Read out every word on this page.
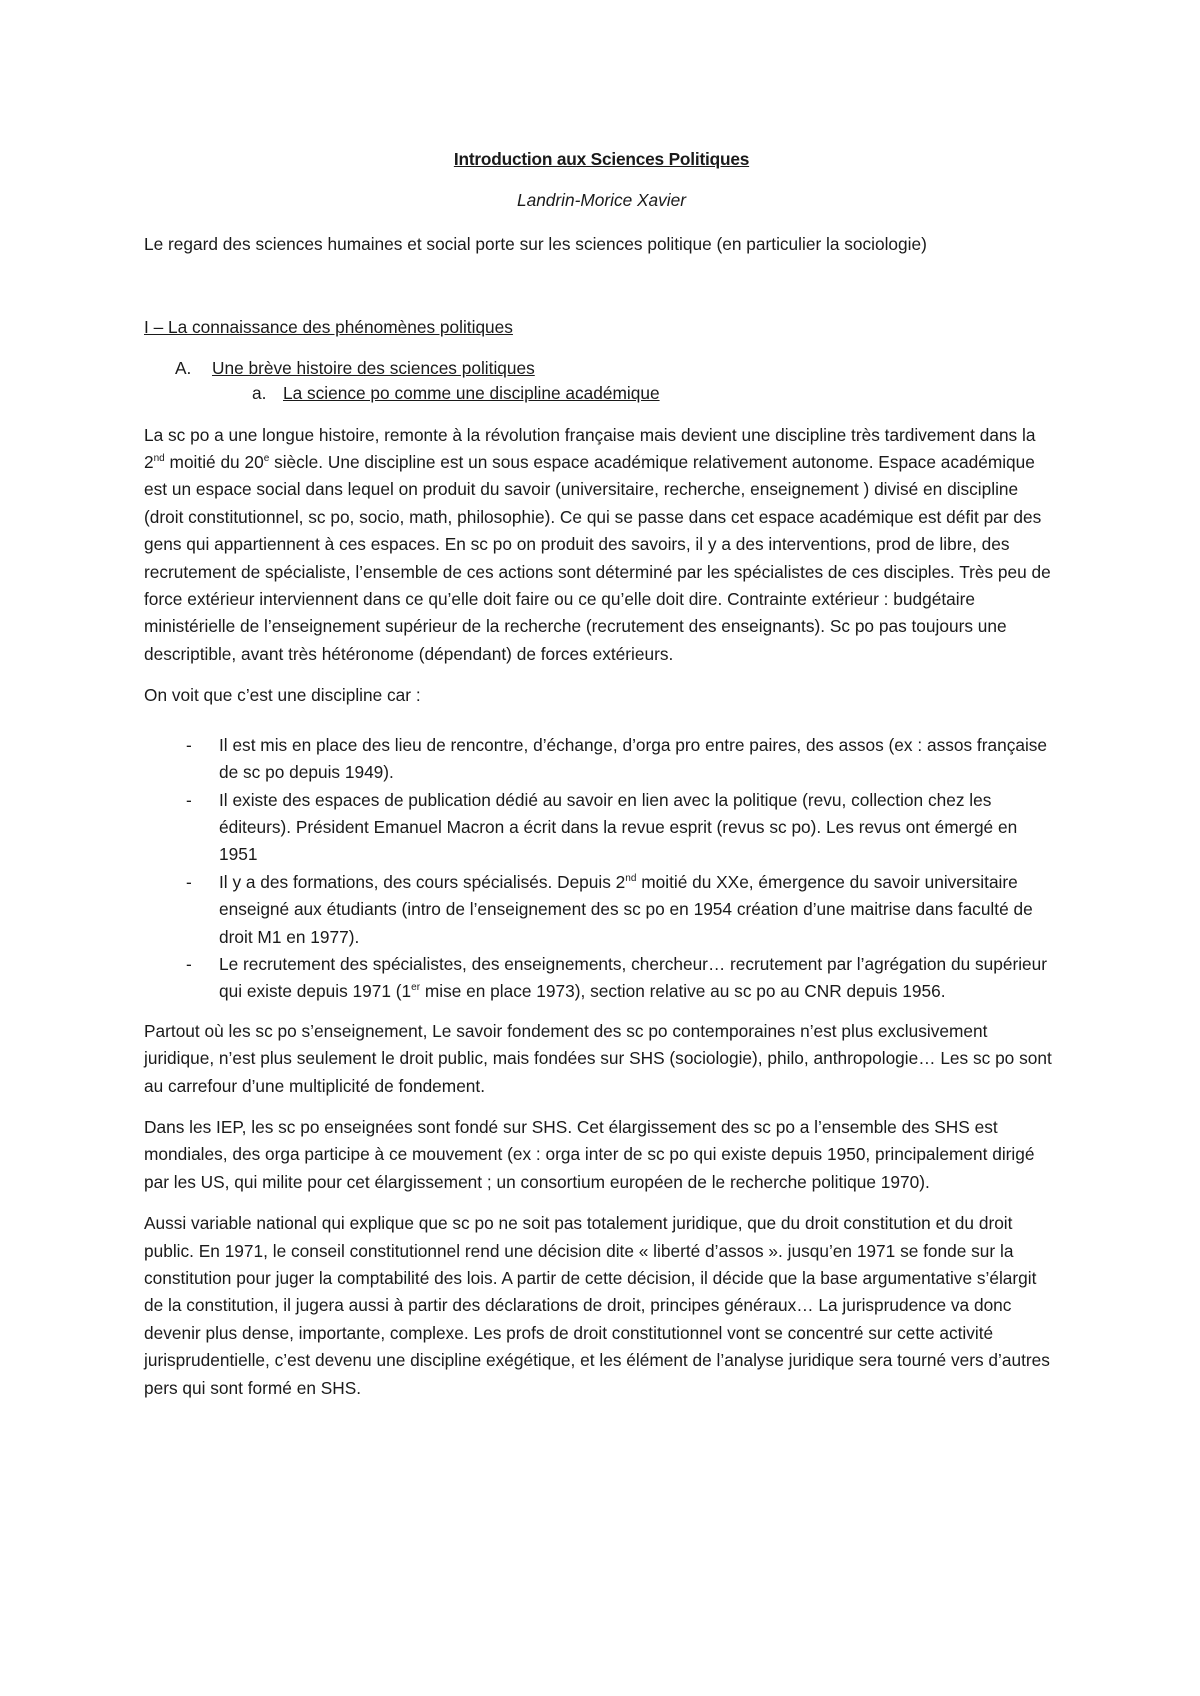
Introduction aux Sciences Politiques

Landrin-Morice Xavier

Le regard des sciences humaines et social porte sur les sciences politique (en particulier la sociologie)

I – La connaissance des phénomènes politiques

A. Une brève histoire des sciences politiques

a. La science po comme une discipline académique

La sc po a une longue histoire, remonte à la révolution française mais devient une discipline très tardivement dans la 2nd moitié du 20e siècle. Une discipline est un sous espace académique relativement autonome. Espace académique est un espace social dans lequel on produit du savoir (universitaire, recherche, enseignement ) divisé en discipline (droit constitutionnel, sc po, socio, math, philosophie). Ce qui se passe dans cet espace académique est défit par des gens qui appartiennent à ces espaces. En sc po on produit des savoirs, il y a des interventions, prod de libre, des recrutement de spécialiste, l’ensemble de ces actions sont déterminé par les spécialistes de ces disciples. Très peu de force extérieur interviennent dans ce qu’elle doit faire ou ce qu’elle doit dire. Contrainte extérieur : budgétaire ministérielle de l’enseignement supérieur de la recherche (recrutement des enseignants). Sc po pas toujours une descriptible, avant très hétéronome (dépendant) de forces extérieurs.

On voit que c’est une discipline car :

- Il est mis en place des lieu de rencontre, d’échange, d’orga pro entre paires, des assos (ex : assos française de sc po depuis 1949).
- Il existe des espaces de publication dédié au savoir en lien avec la politique (revu, collection chez les éditeurs). Président Emanuel Macron a écrit dans la revue esprit (revus sc po). Les revus ont émergé en 1951
- Il y a des formations, des cours spécialisés. Depuis 2nd moitié du XXe, émergence du savoir universitaire enseigné aux étudiants (intro de l’enseignement des sc po en 1954 création d’une maitrise dans faculté de droit M1 en 1977).
- Le recrutement des spécialistes, des enseignements, chercheur… recrutement par l’agrégation du supérieur qui existe depuis 1971 (1er mise en place 1973), section relative au sc po au CNR depuis 1956.

Partout où les sc po s’enseignement, Le savoir fondement des sc po contemporaines n’est plus exclusivement juridique, n’est plus seulement le droit public, mais fondées sur SHS (sociologie), philo, anthropologie… Les sc po sont au carrefour d’une multiplicité de fondement.

Dans les IEP, les sc po enseignées sont fondé sur SHS. Cet élargissement des sc po a l’ensemble des SHS est mondiales, des orga participe à ce mouvement (ex : orga inter de sc po qui existe depuis 1950, principalement dirigé par les US, qui milite pour cet élargissement ; un consortium européen de le recherche politique 1970).

Aussi variable national qui explique que sc po ne soit pas totalement juridique, que du droit constitution et du droit public. En 1971, le conseil constitutionnel rend une décision dite « liberté d’assos ». jusqu’en 1971 se fonde sur la constitution pour juger la comptabilité des lois. A partir de cette décision, il décide que la base argumentative s’élargit de la constitution, il jugera aussi à partir des déclarations de droit, principes généraux… La jurisprudence va donc devenir plus dense, importante, complexe. Les profs de droit constitutionnel vont se concentré sur cette activité jurisprudentielle, c’est devenu une discipline exégétique, et les élément de l’analyse juridique sera tourné vers d’autres pers qui sont formé en SHS.
